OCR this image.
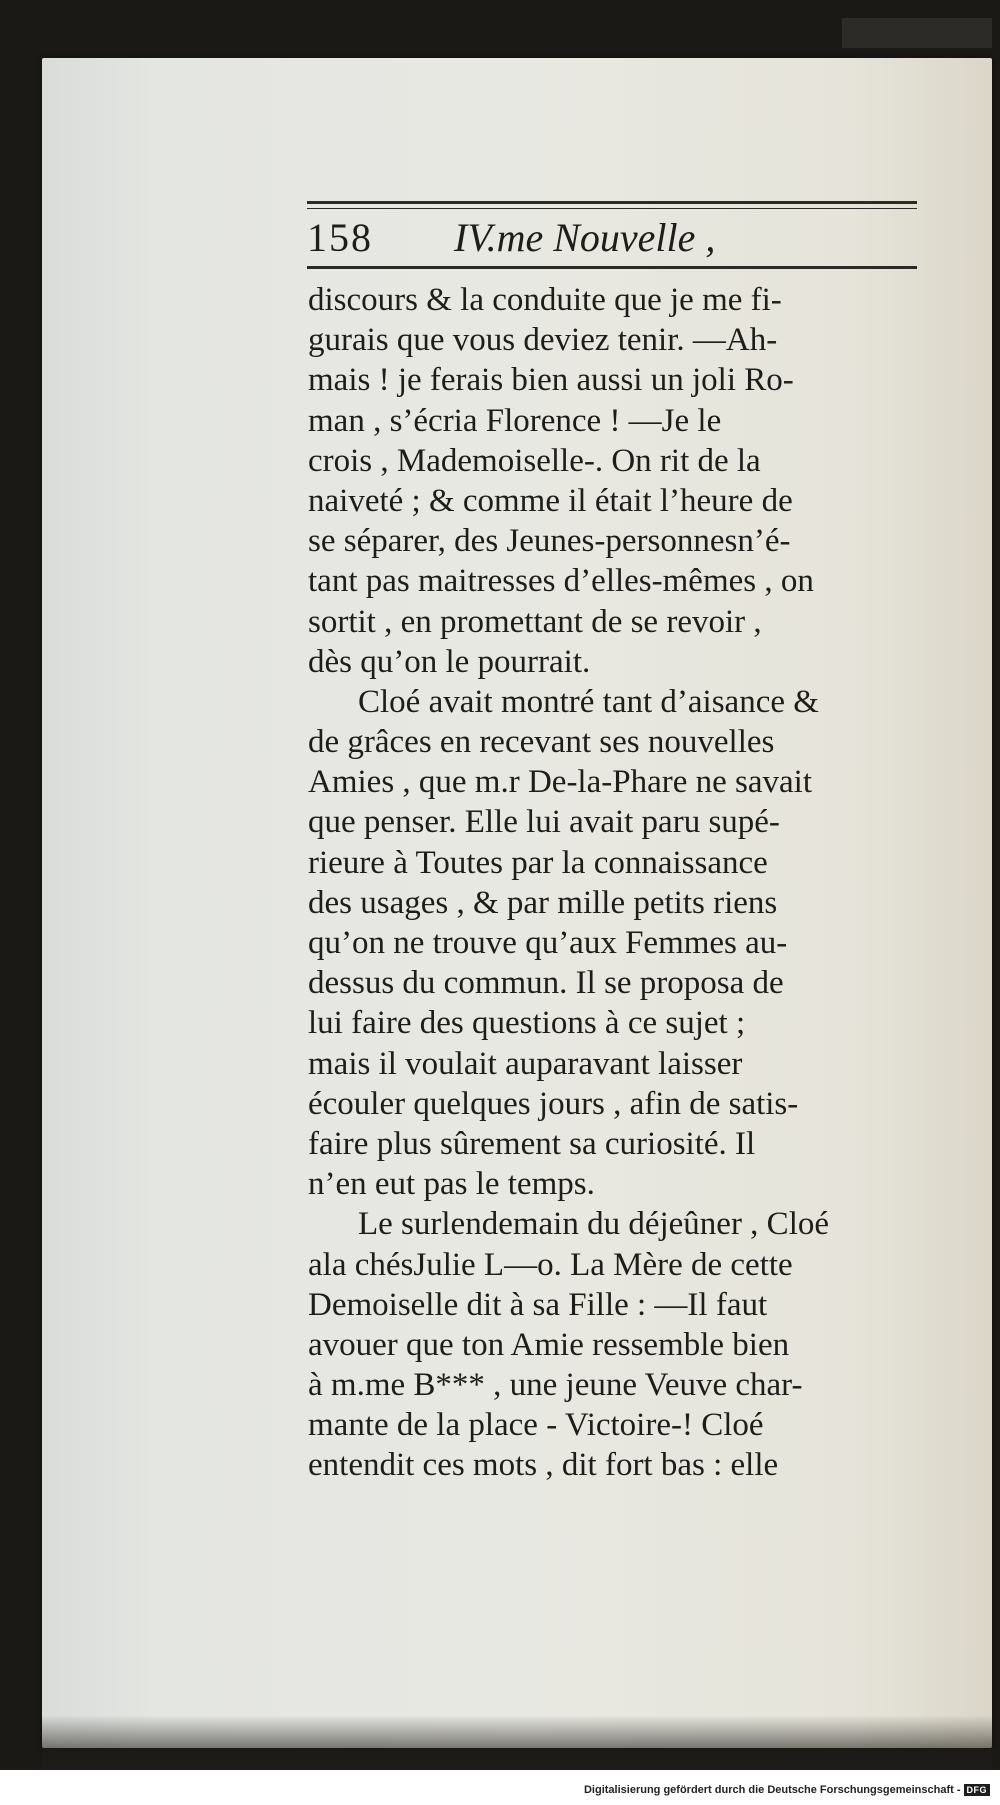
158 IV.me Nouvelle ,
discours & la conduite que je me fi-
gurais que vous deviez tenir. —Ah-
mais ! je ferais bien aussi un joli Ro-
man , s’écria Florence ! —Je le
crois , Mademoiselle-. On rit de la
naiveté ; & comme il était l’heure de
se séparer, des Jeunes-personnesn’é-
tant pas maitresses d’elles-mêmes , on
sortit , en promettant de se revoir ,
dès qu’on le pourrait.
Cloé avait montré tant d’aisance &
de grâces en recevant ses nouvelles
Amies , que m.r De-la-Phare ne savait
que penser. Elle lui avait paru supé-
rieure à Toutes par la connaissance
des usages , & par mille petits riens
qu’on ne trouve qu’aux Femmes au-
dessus du commun. Il se proposa de
lui faire des questions à ce sujet ;
mais il voulait auparavant laisser
écouler quelques jours , afin de satis-
faire plus sûrement sa curiosité. Il
n’en eut pas le temps.
Le surlendemain du déjeûner , Cloé
ala chésJulie L—o. La Mère de cette
Demoiselle dit à sa Fille : —Il faut
avouer que ton Amie ressemble bien
à m.me B*** , une jeune Veuve char-
mante de la place - Victoire-! Cloé
entendit ces mots , dit fort bas : elle
Digitalisierung gefördert durch die Deutsche Forschungsgemeinschaft - DFG
